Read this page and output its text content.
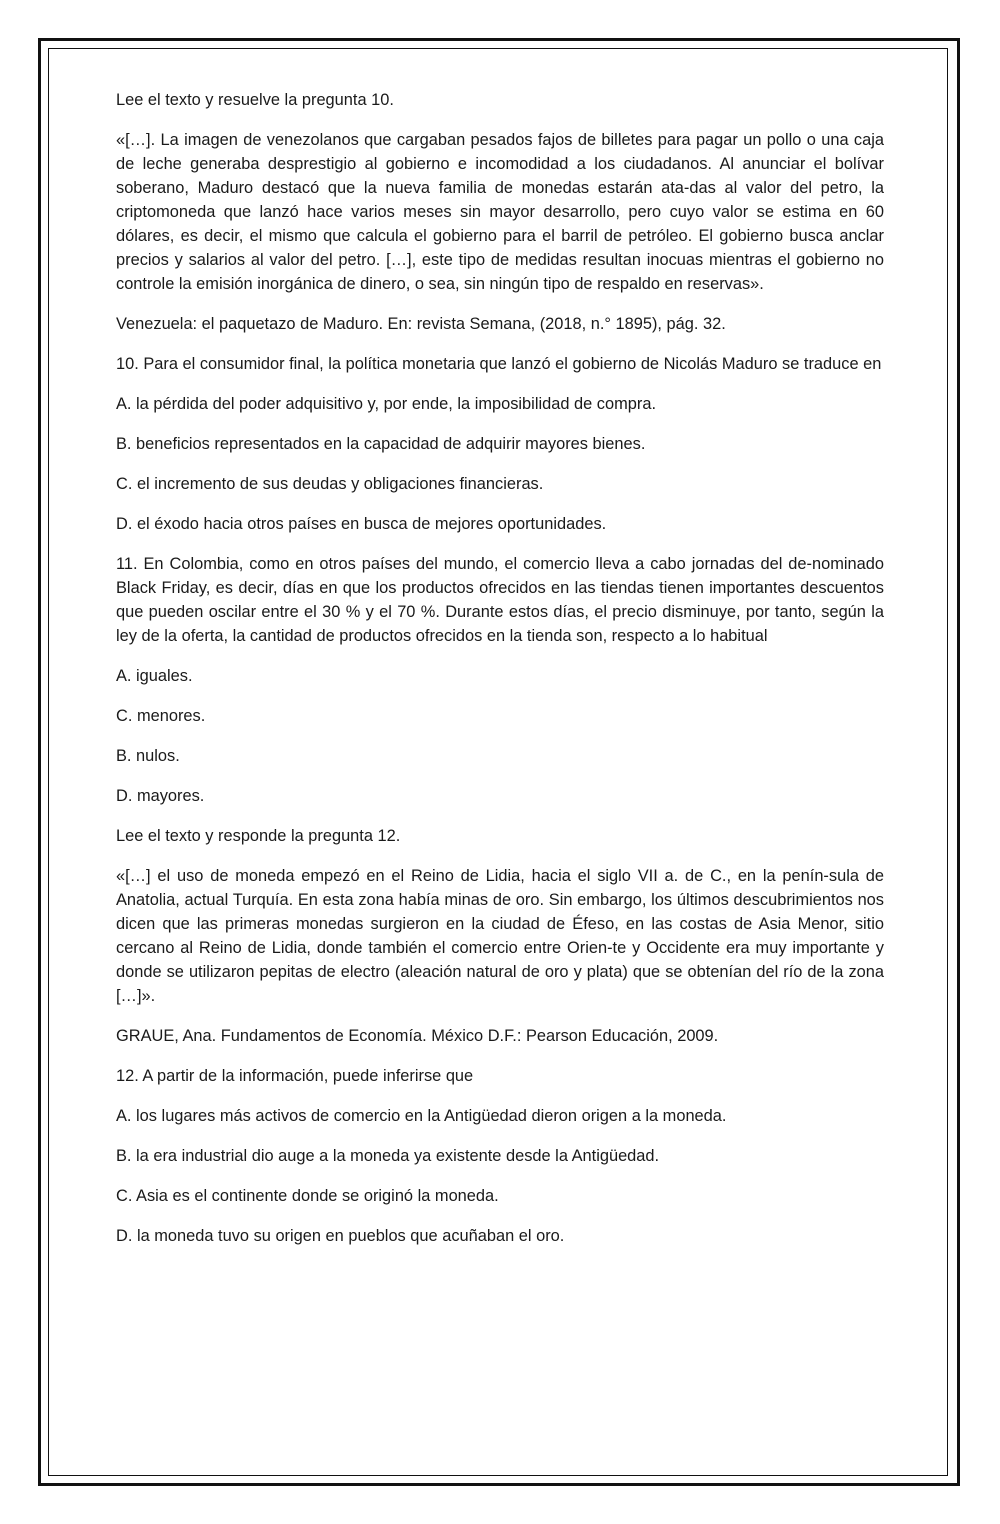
Lee el texto y resuelve la pregunta 10.

«[…]. La imagen de venezolanos que cargaban pesados fajos de billetes para pagar un pollo o una caja de leche generaba desprestigio al gobierno e incomodidad a los ciudadanos. Al anunciar el bolívar soberano, Maduro destacó que la nueva familia de monedas estarán ata-das al valor del petro, la criptomoneda que lanzó hace varios meses sin mayor desarrollo, pero cuyo valor se estima en 60 dólares, es decir, el mismo que calcula el gobierno para el barril de petróleo. El gobierno busca anclar precios y salarios al valor del petro. […], este tipo de medidas resultan inocuas mientras el gobierno no controle la emisión inorgánica de dinero, o sea, sin ningún tipo de respaldo en reservas».

Venezuela: el paquetazo de Maduro. En: revista Semana, (2018, n.° 1895), pág. 32.

10. Para el consumidor final, la política monetaria que lanzó el gobierno de Nicolás Maduro se traduce en

A. la pérdida del poder adquisitivo y, por ende, la imposibilidad de compra.

B. beneficios representados en la capacidad de adquirir mayores bienes.

C. el incremento de sus deudas y obligaciones financieras.

D. el éxodo hacia otros países en busca de mejores oportunidades.

11. En Colombia, como en otros países del mundo, el comercio lleva a cabo jornadas del de-nominado Black Friday, es decir, días en que los productos ofrecidos en las tiendas tienen importantes descuentos que pueden oscilar entre el 30 % y el 70 %. Durante estos días, el precio disminuye, por tanto, según la ley de la oferta, la cantidad de productos ofrecidos en la tienda son, respecto a lo habitual

A. iguales.

C. menores.

B. nulos.

D. mayores.

Lee el texto y responde la pregunta 12.

«[…] el uso de moneda empezó en el Reino de Lidia, hacia el siglo VII a. de C., en la penín-sula de Anatolia, actual Turquía. En esta zona había minas de oro. Sin embargo, los últimos descubrimientos nos dicen que las primeras monedas surgieron en la ciudad de Éfeso, en las costas de Asia Menor, sitio cercano al Reino de Lidia, donde también el comercio entre Orien-te y Occidente era muy importante y donde se utilizaron pepitas de electro (aleación natural de oro y plata) que se obtenían del río de la zona […]».

GRAUE, Ana. Fundamentos de Economía. México D.F.: Pearson Educación, 2009.

12. A partir de la información, puede inferirse que

A. los lugares más activos de comercio en la Antigüedad dieron origen a la moneda.

B. la era industrial dio auge a la moneda ya existente desde la Antigüedad.

C. Asia es el continente donde se originó la moneda.

D. la moneda tuvo su origen en pueblos que acuñaban el oro.
